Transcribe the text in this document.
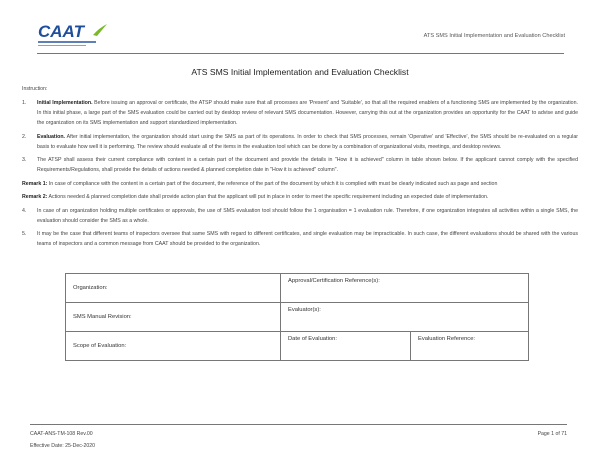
CAAT	ATS SMS Initial Implementation and Evaluation Checklist
ATS SMS Initial Implementation and Evaluation Checklist
Instruction:
1.	Initial Implementation. Before issuing an approval or certificate, the ATSP should make sure that all processes are 'Present' and 'Suitable', so that all the required enablers of a functioning SMS are implemented by the organization. In this initial phase, a large part of the SMS evaluation could be carried out by desktop review of relevant SMS documentation. However, carrying this out at the organization provides an opportunity for the CAAT to advise and guide the organization on its SMS implementation and support standardized implementation.
2.	Evaluation. After initial implementation, the organization should start using the SMS as part of its operations. In order to check that SMS processes, remain 'Operative' and 'Effective', the SMS should be re-evaluated on a regular basis to evaluate how well it is performing. The review should evaluate all of the items in the evaluation tool which can be done by a combination of organizational visits, meetings, and desktop reviews.
3.	The ATSP shall assess their current compliance with content in a certain part of the document and provide the details in "How it is achieved" column in table shown below. If the applicant cannot comply with the specified Requirements/Regulations, shall provide the details of actions needed & planned completion date in "How it is achieved" column".
Remark 1: In case of compliance with the content in a certain part of the document, the reference of the part of the document by which it is complied with must be clearly indicated such as page and section
Remark 2: Actions needed & planned completion date shall provide action plan that the applicant will put in place in order to meet the specific requirement including an expected date of implementation.
4.	In case of an organization holding multiple certificates or approvals, the use of SMS evaluation tool should follow the 1 organisation = 1 evaluation rule. Therefore, if one organization integrates all activities within a single SMS, the evaluation should consider the SMS as a whole.
5.	It may be the case that different teams of inspectors oversee that same SMS with regard to different certificates, and single evaluation may be impracticable. In such case, the different evaluations should be shared with the various teams of inspectors and a common message from CAAT should be provided to the organization.
Organization:	Approval/Certification Reference(s):	
SMS Manual Revision:	Evaluator(s):	
Scope of Evaluation:	Date of Evaluation:	Evaluation Reference:
CAAT-ANS-TM-108 Rev.00
Effective Date: 25-Dec-2020
Page 1 of 71
